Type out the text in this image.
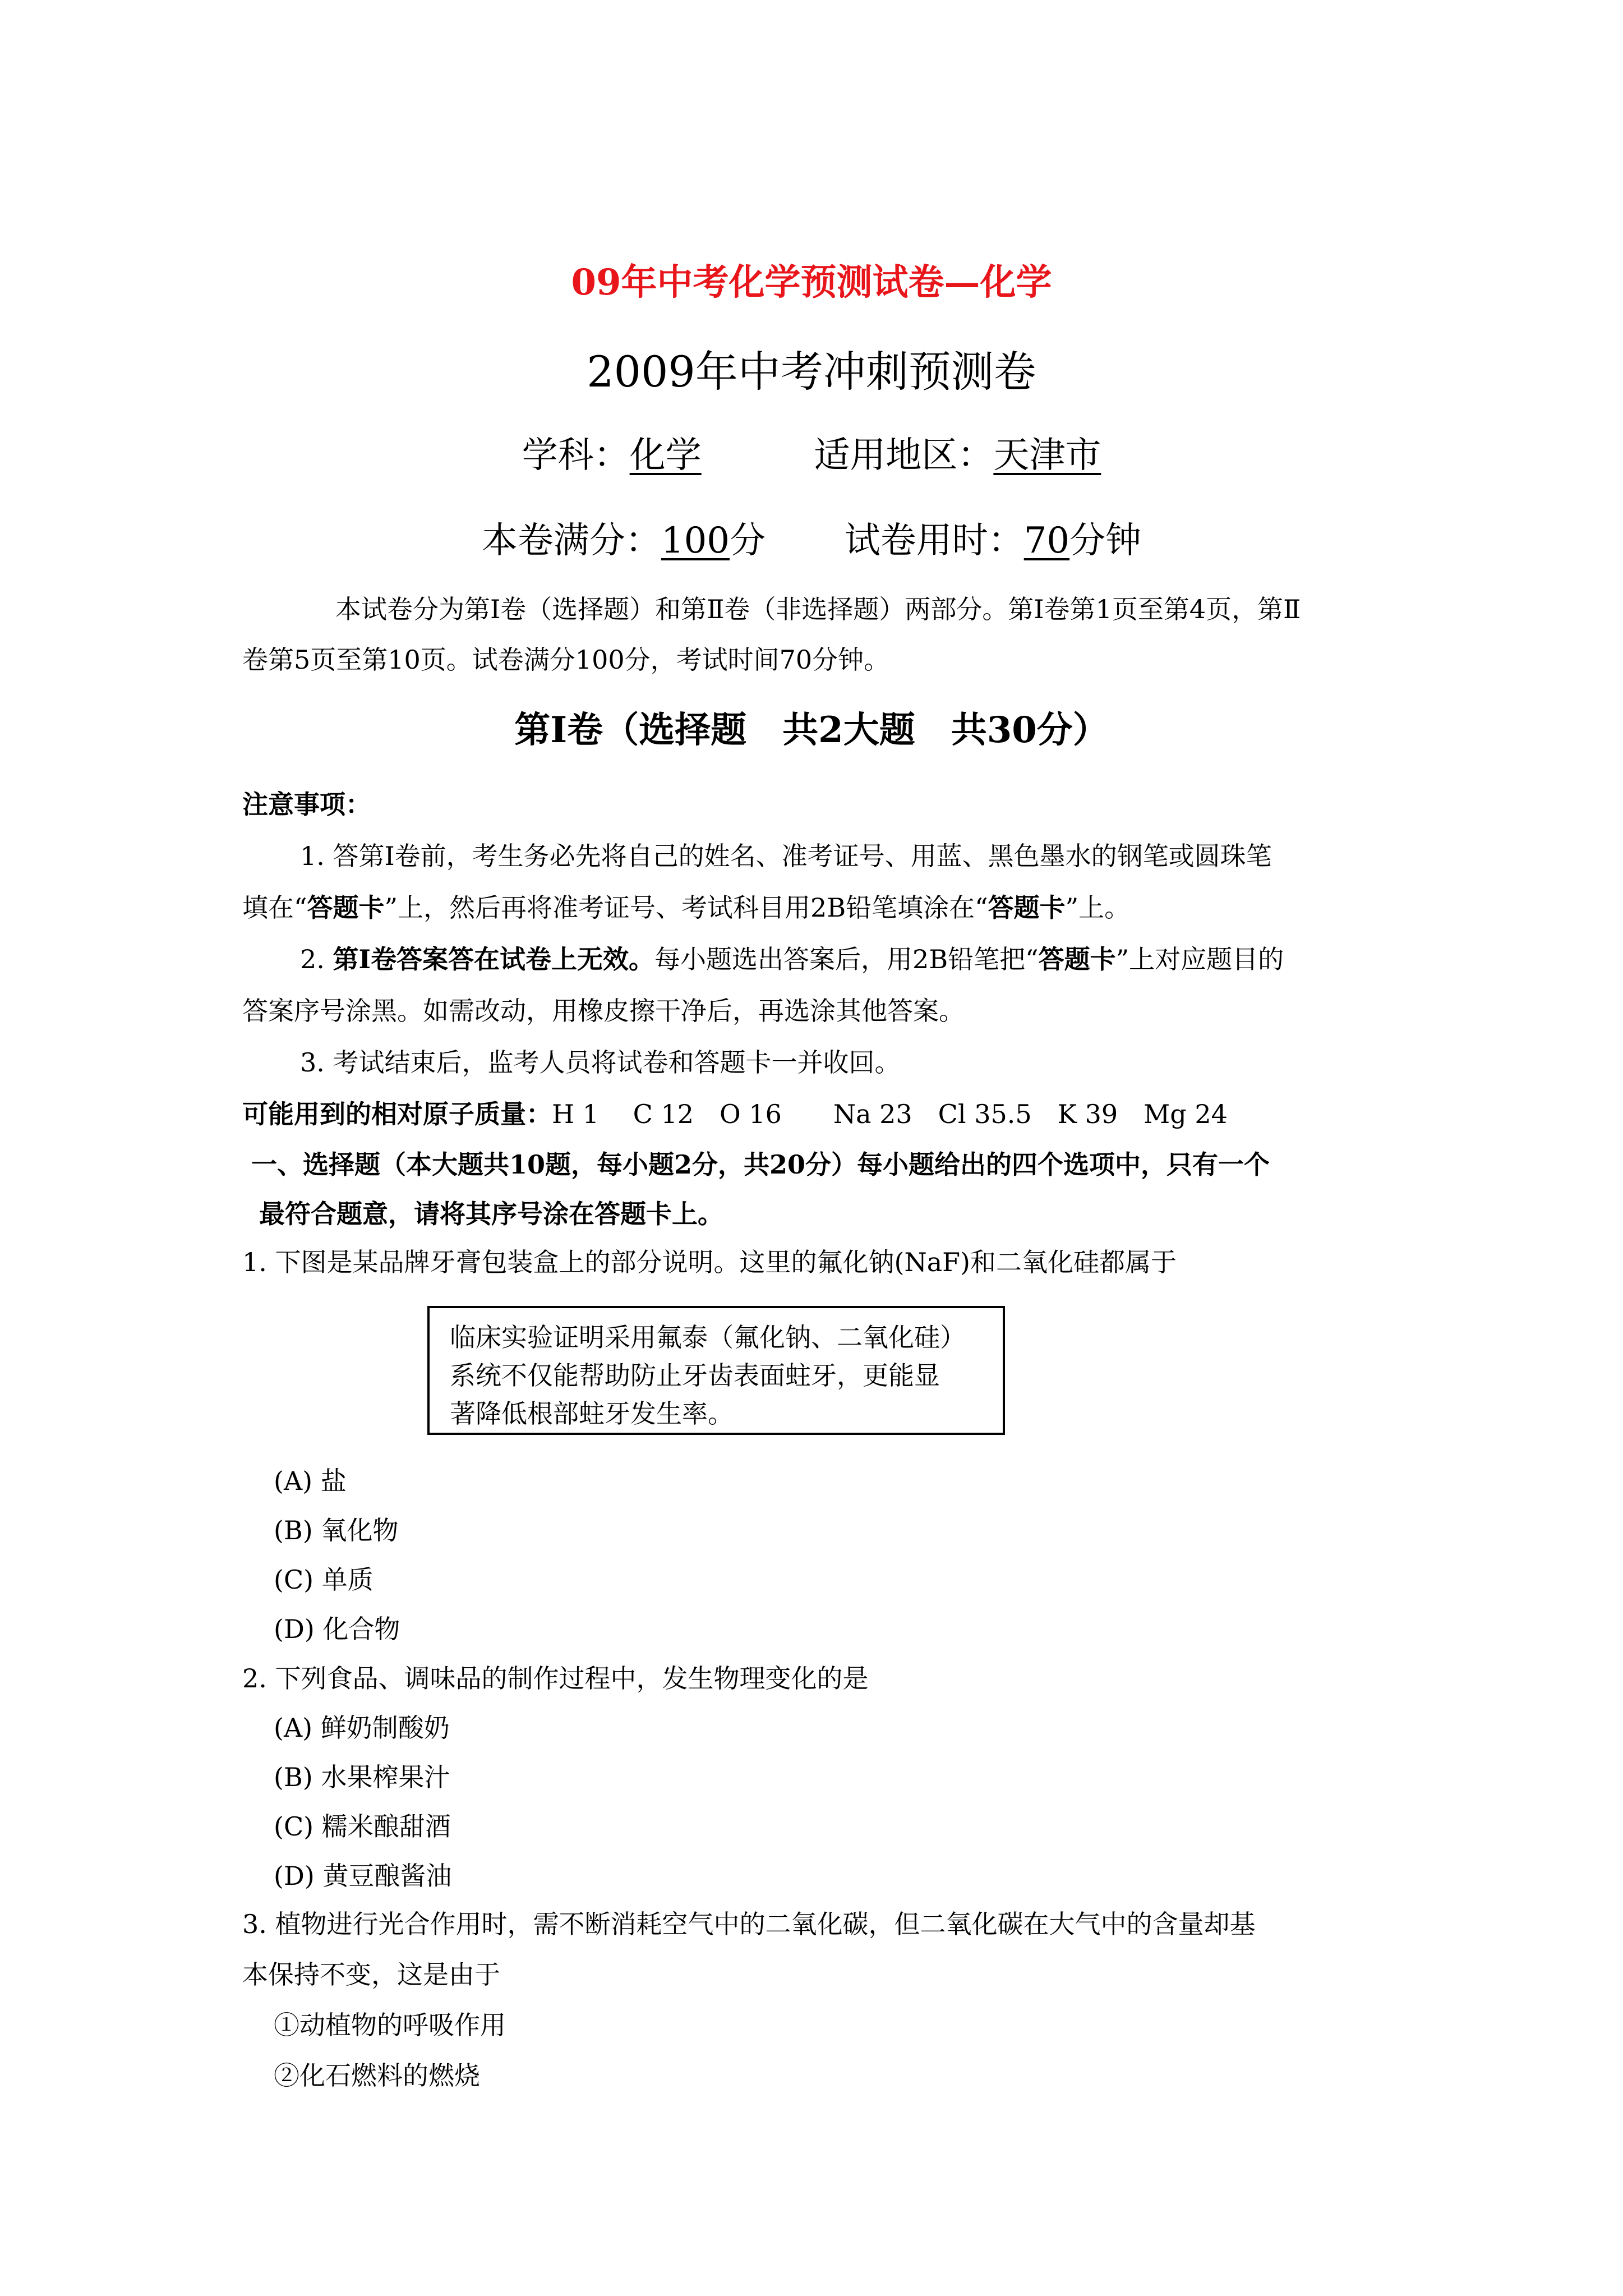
09年中考化学预测试卷—化学
2009年中考冲刺预测卷
学科：化学	适用地区：天津市
本卷满分：100分 试卷用时：70分钟
本试卷分为第Ⅰ卷（选择题）和第Ⅱ卷（非选择题）两部分。第Ⅰ卷第1页至第4页，第Ⅱ
卷第5页至第10页。试卷满分100分，考试时间70分钟。
第Ⅰ卷（选择题　共2大题　共30分）
注意事项：
1. 答第Ⅰ卷前，考生务必先将自己的姓名、准考证号、用蓝、黑色墨水的钢笔或圆珠笔
填在“答题卡”上，然后再将准考证号、考试科目用2B铅笔填涂在“答题卡”上。
2. 第Ⅰ卷答案答在试卷上无效。每小题选出答案后，用2B铅笔把“答题卡”上对应题目的
答案序号涂黑。如需改动，用橡皮擦干净后，再选涂其他答案。
3. 考试结束后，监考人员将试卷和答题卡一并收回。
可能用到的相对原子质量：H 1　 C 12　O 16　　Na 23　Cl 35.5　K 39　Mg 24
一、选择题（本大题共10题，每小题2分，共20分）每小题给出的四个选项中，只有一个
最符合题意，请将其序号涂在答题卡上。
1. 下图是某品牌牙膏包装盒上的部分说明。这里的氟化钠(NaF)和二氧化硅都属于
临床实验证明采用氟泰（氟化钠、二氧化硅）
系统不仅能帮助防止牙齿表面蛀牙，更能显
著降低根部蛀牙发生率。
(A) 盐
(B) 氧化物
(C) 单质
(D) 化合物
2. 下列食品、调味品的制作过程中，发生物理变化的是
(A) 鲜奶制酸奶
(B) 水果榨果汁
(C) 糯米酿甜酒
(D) 黄豆酿酱油
3. 植物进行光合作用时，需不断消耗空气中的二氧化碳，但二氧化碳在大气中的含量却基
本保持不变，这是由于
①动植物的呼吸作用
②化石燃料的燃烧
